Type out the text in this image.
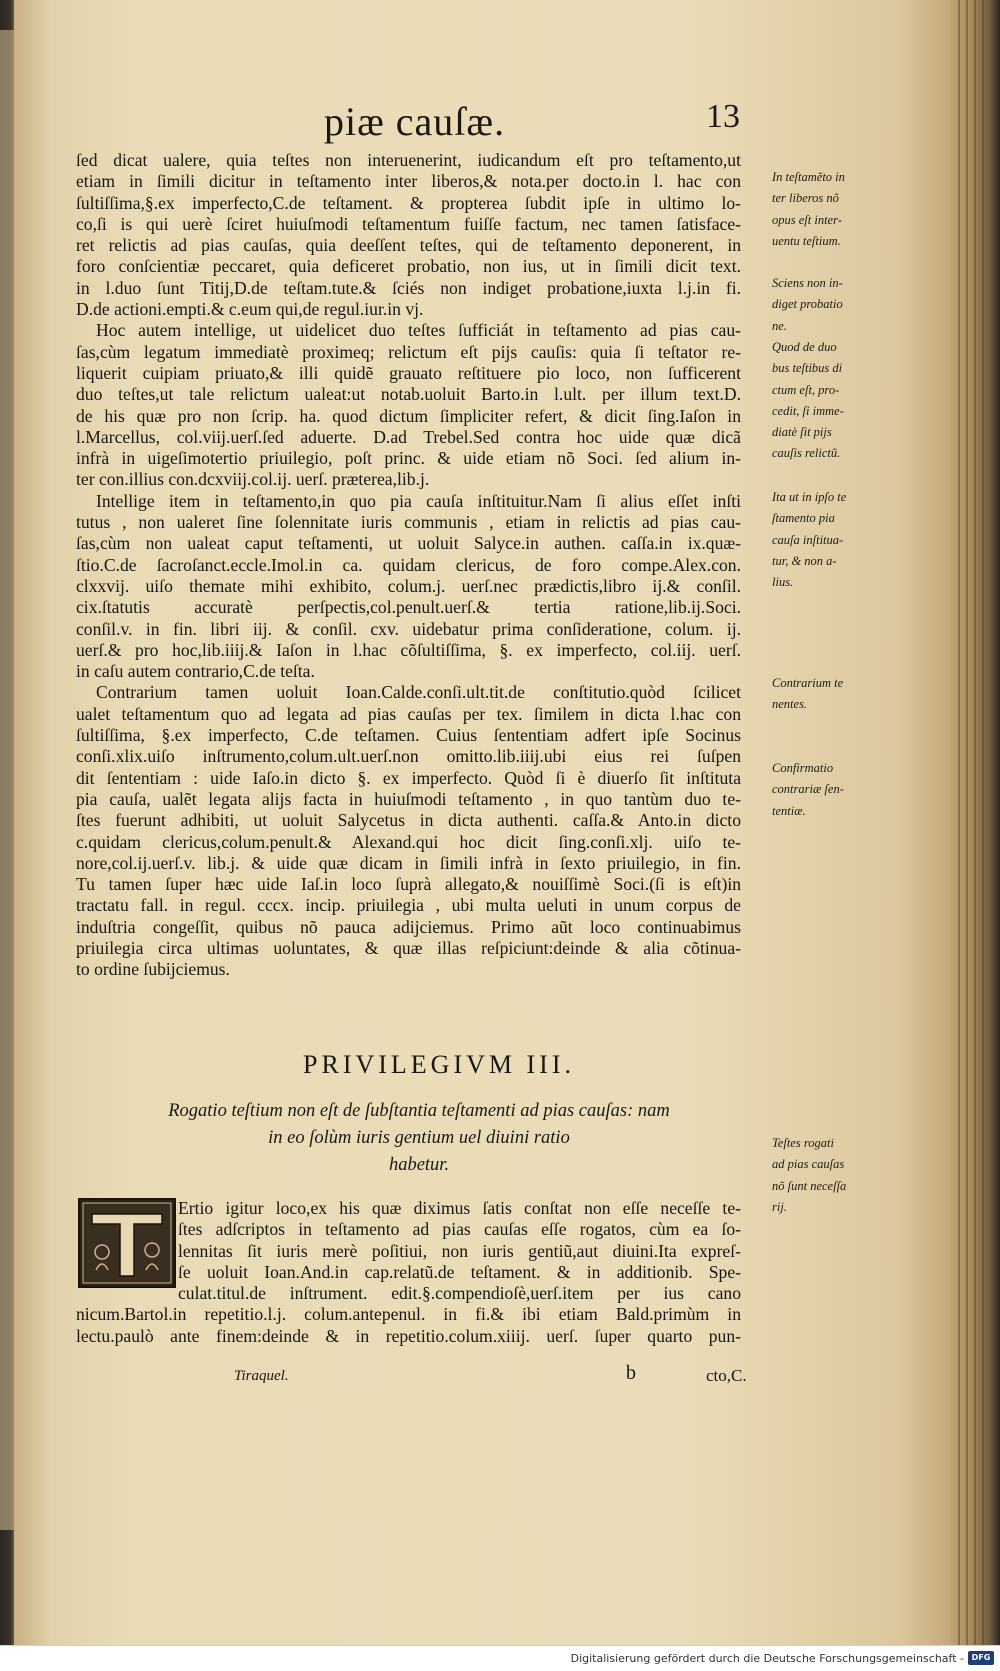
piæ cauſæ.	13
ſed dicat ualere, quia teſtes non interuenerint, iudicandum eſt pro teſtamento,ut
etiam in ſimili dicitur in teſtamento inter liberos,& nota.per docto.in l. hac con
ſultiſſima,§.ex imperfecto,C.de teſtament. & propterea ſubdit ipſe in ultimo lo-
co,ſi is qui uerè ſciret huiuſmodi teſtamentum fuiſſe factum, nec tamen ſatisface-
ret relictis ad pias cauſas, quia deeſſent teſtes, qui de teſtamento deponerent, in
foro conſcientiæ peccaret, quia deficeret probatio, non ius, ut in ſimili dicit text.
in l.duo ſunt Titij,D.de teſtam.tute.& ſciés non indiget probatione,iuxta l.j.in fi.
D.de actioni.empti.& c.eum qui,de regul.iur.in vj.
Hoc autem intellige, ut uidelicet duo teſtes ſufficiát in teſtamento ad pias cau-
ſas,cùm legatum immediatè proximeq; relictum eſt pijs cauſis: quia ſi teſtator re-
liquerit cuipiam priuato,& illi quidẽ grauato reſtituere pio loco, non ſufficerent
duo teſtes,ut tale relictum ualeat:ut notab.uoluit Barto.in l.ult. per illum text.D.
de his quæ pro non ſcrip. ha. quod dictum ſimpliciter refert, & dicit ſing.Iaſon in
l.Marcellus, col.viij.uerſ.ſed aduerte. D.ad Trebel.Sed contra hoc uide quæ dicã
infrà in uigeſimotertio priuilegio, poſt princ. & uide etiam nõ Soci. ſed alium in-
ter con.illius con.dcxviij.col.ij. uerſ. præterea,lib.j.
Intellige item in teſtamento,in quo pia cauſa inſtituitur.Nam ſi alius eſſet inſti
tutus , non ualeret ſine ſolennitate iuris communis , etiam in relictis ad pias cau-
ſas,cùm non ualeat caput teſtamenti, ut uoluit Salyce.in authen. caſſa.in ix.quæ-
ſtio.C.de ſacroſanct.eccle.Imol.in ca. quidam clericus, de foro compe.Alex.con.
clxxvij. uiſo themate mihi exhibito, colum.j. uerſ.nec prædictis,libro ij.& conſil.
cix.ſtatutis accuratè perſpectis,col.penult.uerſ.& tertia ratione,lib.ij.Soci.
conſil.v. in fin. libri iij. & conſil. cxv. uidebatur prima conſideratione, colum. ij.
uerſ.& pro hoc,lib.iiij.& Iaſon in l.hac cõſultiſſima, §. ex imperfecto, col.iij. uerſ.
in caſu autem contrario,C.de teſta.
Contrarium tamen uoluit Ioan.Calde.conſi.ult.tit.de conſtitutio.quòd ſcilicet
ualet teſtamentum quo ad legata ad pias cauſas per tex. ſimilem in dicta l.hac con
ſultiſſima, §.ex imperfecto, C.de teſtamen. Cuius ſententiam adfert ipſe Socinus
conſi.xlix.uiſo inſtrumento,colum.ult.uerſ.non omitto.lib.iiij.ubi eius rei ſuſpen
dit ſententiam : uide Iaſo.in dicto §. ex imperfecto. Quòd ſi è diuerſo ſit inſtituta
pia cauſa, ualẽt legata alijs facta in huiuſmodi teſtamento , in quo tantùm duo te-
ſtes fuerunt adhibiti, ut uoluit Salycetus in dicta authenti. caſſa.& Anto.in dicto
c.quidam clericus,colum.penult.& Alexand.qui hoc dicit ſing.conſi.xlj. uiſo te-
nore,col.ij.uerſ.v. lib.j. & uide quæ dicam in ſimili infrà in ſexto priuilegio, in fin.
Tu tamen ſuper hæc uide Iaſ.in loco ſuprà allegato,& nouiſſimè Soci.(ſi is eſt)in
tractatu fall. in regul. cccx. incip. priuilegia , ubi multa ueluti in unum corpus de
induſtria congeſſit, quibus nõ pauca adijciemus. Primo aũt loco continuabimus
priuilegia circa ultimas uoluntates, & quæ illas reſpiciunt:deinde & alia cõtinua-
to ordine ſubijciemus.
In teſtamẽto in
ter liberos nõ
opus eſt inter-
uentu teſtium.
Sciens non in-
diget probatio
ne.
Quod de duo
bus teſtibus di
ctum eſt, pro-
cedit, ſi imme-
diatè ſit pijs
cauſis relictũ.
Ita ut in ipſo te
ſtamento pia
cauſa inſtitua-
tur, & non a-
lius.
Contrarium te
nentes.
Confirmatio
contrariæ ſen-
tentiæ.
Teſtes rogati
ad pias cauſas
nõ ſunt neceſſa
rij.
PRIVILEGIVM III.
Rogatio teſtium non eſt de ſubſtantia teſtamenti ad pias cauſas: nam
in eo ſolùm iuris gentium uel diuini ratio
habetur.
Ertio igitur loco,ex his quæ diximus ſatis conſtat non eſſe neceſſe te-
ſtes adſcriptos in teſtamento ad pias cauſas eſſe rogatos, cùm ea ſo-
lennitas ſit iuris merè poſitiui, non iuris gentiũ,aut diuini.Ita expreſ-
ſe uoluit Ioan.And.in cap.relatũ.de teſtament. & in additionib. Spe-
culat.titul.de inſtrument. edit.§.compendioſè,uerſ.item per ius cano
nicum.Bartol.in repetitio.l.j. colum.antepenul. in fi.& ibi etiam Bald.primùm in
lectu.paulò ante finem:deinde & in repetitio.colum.xiiij. uerſ. ſuper quarto pun-
Tiraquel.	b	cto,C.
Digitalisierung gefördert durch die Deutsche Forschungsgemeinschaft - DFG
